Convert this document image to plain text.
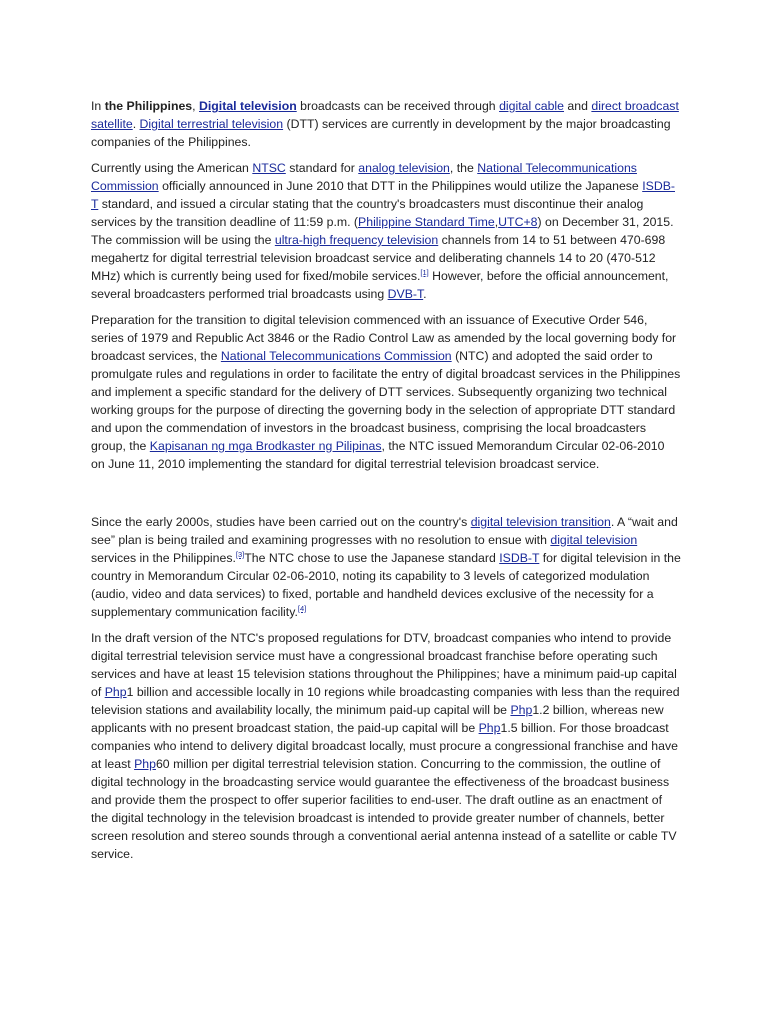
In the Philippines, Digital television broadcasts can be received through digital cable and direct broadcast satellite. Digital terrestrial television (DTT) services are currently in development by the major broadcasting companies of the Philippines.

Currently using the American NTSC standard for analog television, the National Telecommunications Commission officially announced in June 2010 that DTT in the Philippines would utilize the Japanese ISDB-T standard, and issued a circular stating that the country's broadcasters must discontinue their analog services by the transition deadline of 11:59 p.m. (Philippine Standard Time,UTC+8) on December 31, 2015. The commission will be using the ultra-high frequency television channels from 14 to 51 between 470-698 megahertz for digital terrestrial television broadcast service and deliberating channels 14 to 20 (470-512 MHz) which is currently being used for fixed/mobile services.[1] However, before the official announcement, several broadcasters performed trial broadcasts using DVB-T.

Preparation for the transition to digital television commenced with an issuance of Executive Order 546, series of 1979 and Republic Act 3846 or the Radio Control Law as amended by the local governing body for broadcast services, the National Telecommunications Commission (NTC) and adopted the said order to promulgate rules and regulations in order to facilitate the entry of digital broadcast services in the Philippines and implement a specific standard for the delivery of DTT services. Subsequently organizing two technical working groups for the purpose of directing the governing body in the selection of appropriate DTT standard and upon the commendation of investors in the broadcast business, comprising the local broadcasters group, the Kapisanan ng mga Brodkaster ng Pilipinas, the NTC issued Memorandum Circular 02-06-2010 on June 11, 2010 implementing the standard for digital terrestrial television broadcast service.

Since the early 2000s, studies have been carried out on the country's digital television transition. A “wait and see” plan is being trailed and examining progresses with no resolution to ensue with digital television services in the Philippines.[3]The NTC chose to use the Japanese standard ISDB-T for digital television in the country in Memorandum Circular 02-06-2010, noting its capability to 3 levels of categorized modulation (audio, video and data services) to fixed, portable and handheld devices exclusive of the necessity for a supplementary communication facility.[4]

In the draft version of the NTC's proposed regulations for DTV, broadcast companies who intend to provide digital terrestrial television service must have a congressional broadcast franchise before operating such services and have at least 15 television stations throughout the Philippines; have a minimum paid-up capital of Php1 billion and accessible locally in 10 regions while broadcasting companies with less than the required television stations and availability locally, the minimum paid-up capital will be Php1.2 billion, whereas new applicants with no present broadcast station, the paid-up capital will be Php1.5 billion. For those broadcast companies who intend to delivery digital broadcast locally, must procure a congressional franchise and have at least Php60 million per digital terrestrial television station. Concurring to the commission, the outline of digital technology in the broadcasting service would guarantee the effectiveness of the broadcast business and provide them the prospect to offer superior facilities to end-user. The draft outline as an enactment of the digital technology in the television broadcast is intended to provide greater number of channels, better screen resolution and stereo sounds through a conventional aerial antenna instead of a satellite or cable TV service.
